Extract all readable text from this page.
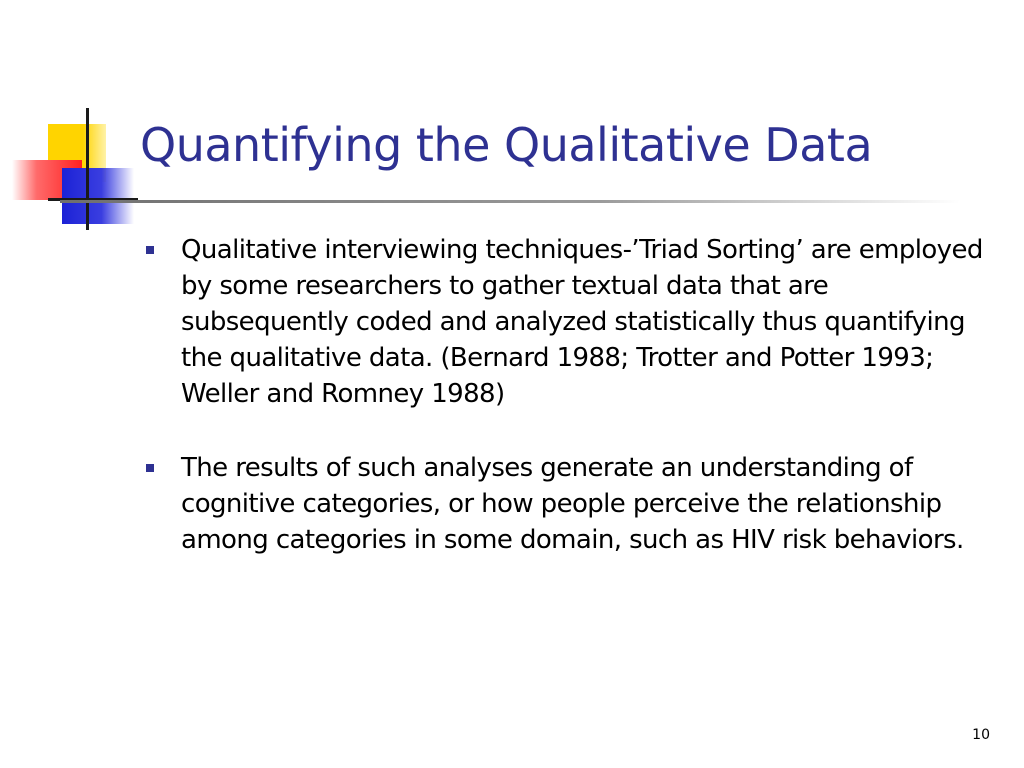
Quantifying the Qualitative Data
Qualitative interviewing techniques-’Triad Sorting’ are employed by some researchers to gather textual data that are subsequently coded and analyzed statistically thus quantifying the qualitative data. (Bernard 1988; Trotter and Potter 1993; Weller and Romney 1988)
The results of such analyses generate an understanding of cognitive categories, or how people perceive the relationship among categories in some domain, such as HIV risk behaviors.
10
